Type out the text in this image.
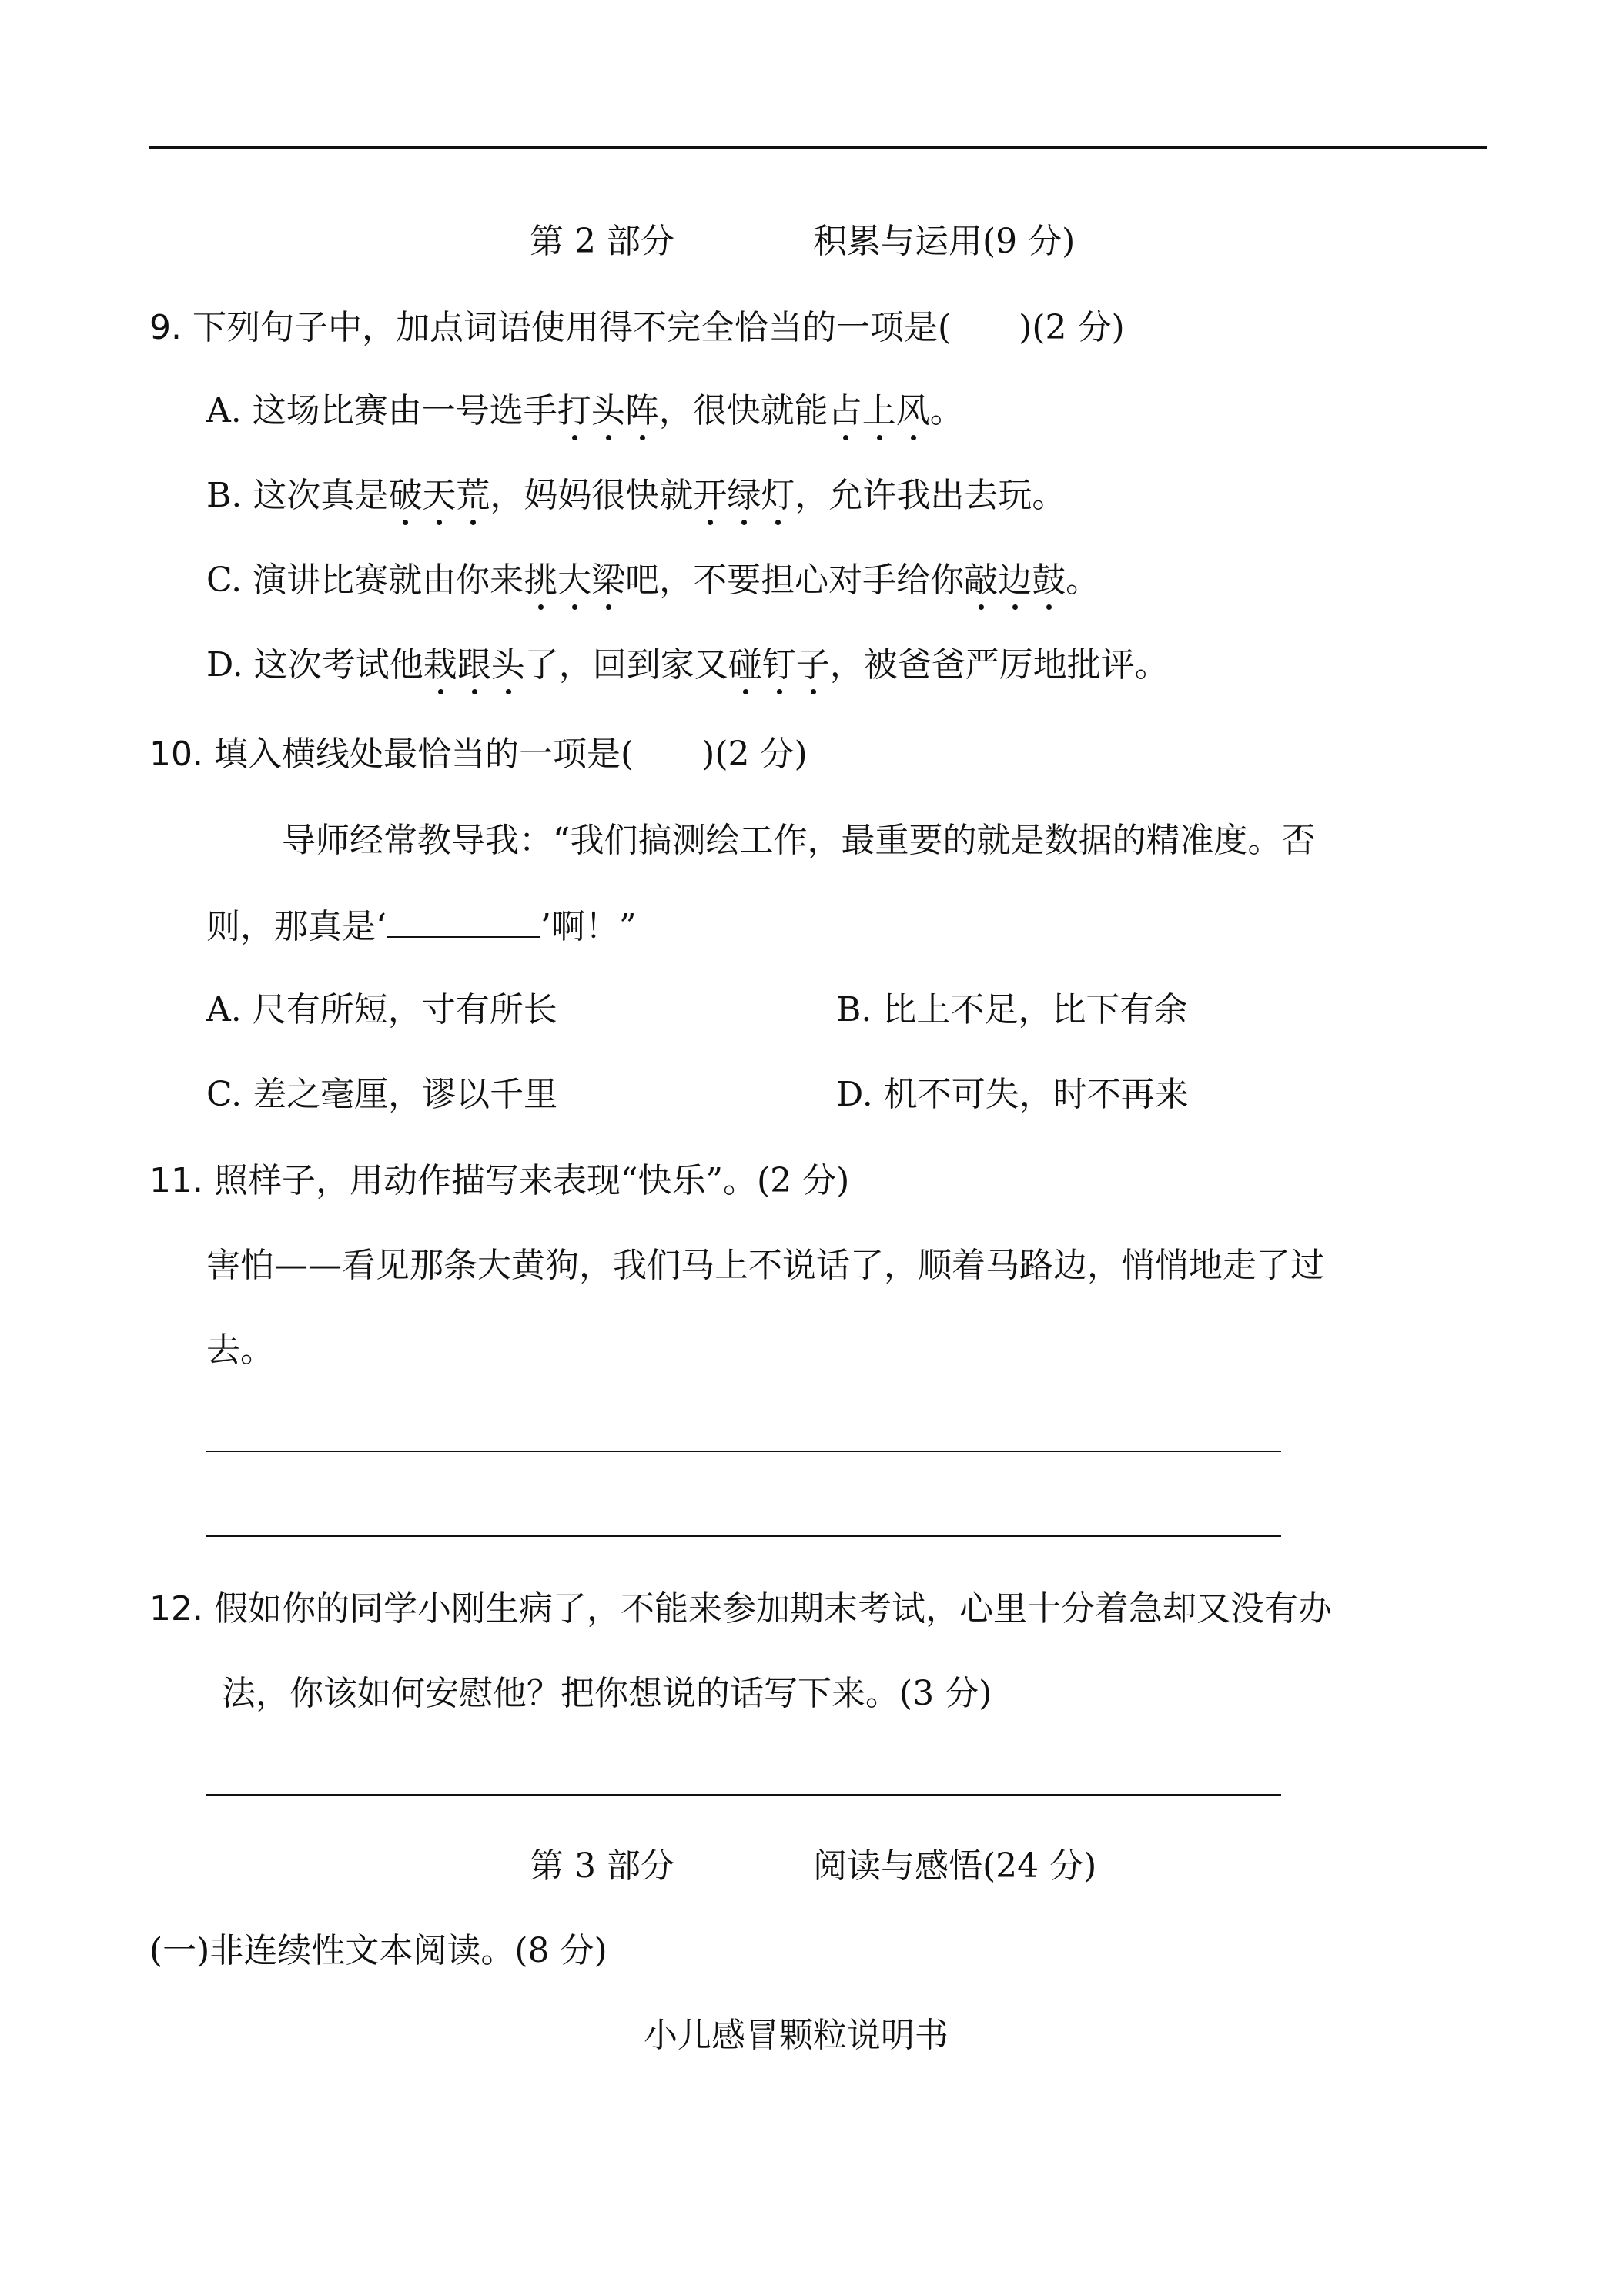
第 2 部分	积累与运用(9 分)
9. 下列句子中，加点词语使用得不完全恰当的一项是(　　)(2 分)
A. 这场比赛由一号选手打头阵，很快就能占上风。
B. 这次真是破天荒，妈妈很快就开绿灯，允许我出去玩。
C. 演讲比赛就由你来挑大梁吧，不要担心对手给你敲边鼓。
D. 这次考试他栽跟头了，回到家又碰钉子，被爸爸严厉地批评。
10. 填入横线处最恰当的一项是(　　)(2 分)
导师经常教导我：“我们搞测绘工作，最重要的就是数据的精准度。否
则，那真是‘	’啊！”
A. 尺有所短，寸有所长	B. 比上不足，比下有余
C. 差之毫厘，谬以千里	D. 机不可失，时不再来
11. 照样子，用动作描写来表现“快乐”。(2 分)
害怕——看见那条大黄狗，我们马上不说话了，顺着马路边，悄悄地走了过
去。
12. 假如你的同学小刚生病了，不能来参加期末考试，心里十分着急却又没有办
法，你该如何安慰他？把你想说的话写下来。(3 分)
第 3 部分	阅读与感悟(24 分)
(一)非连续性文本阅读。(8 分)
小儿感冒颗粒说明书
